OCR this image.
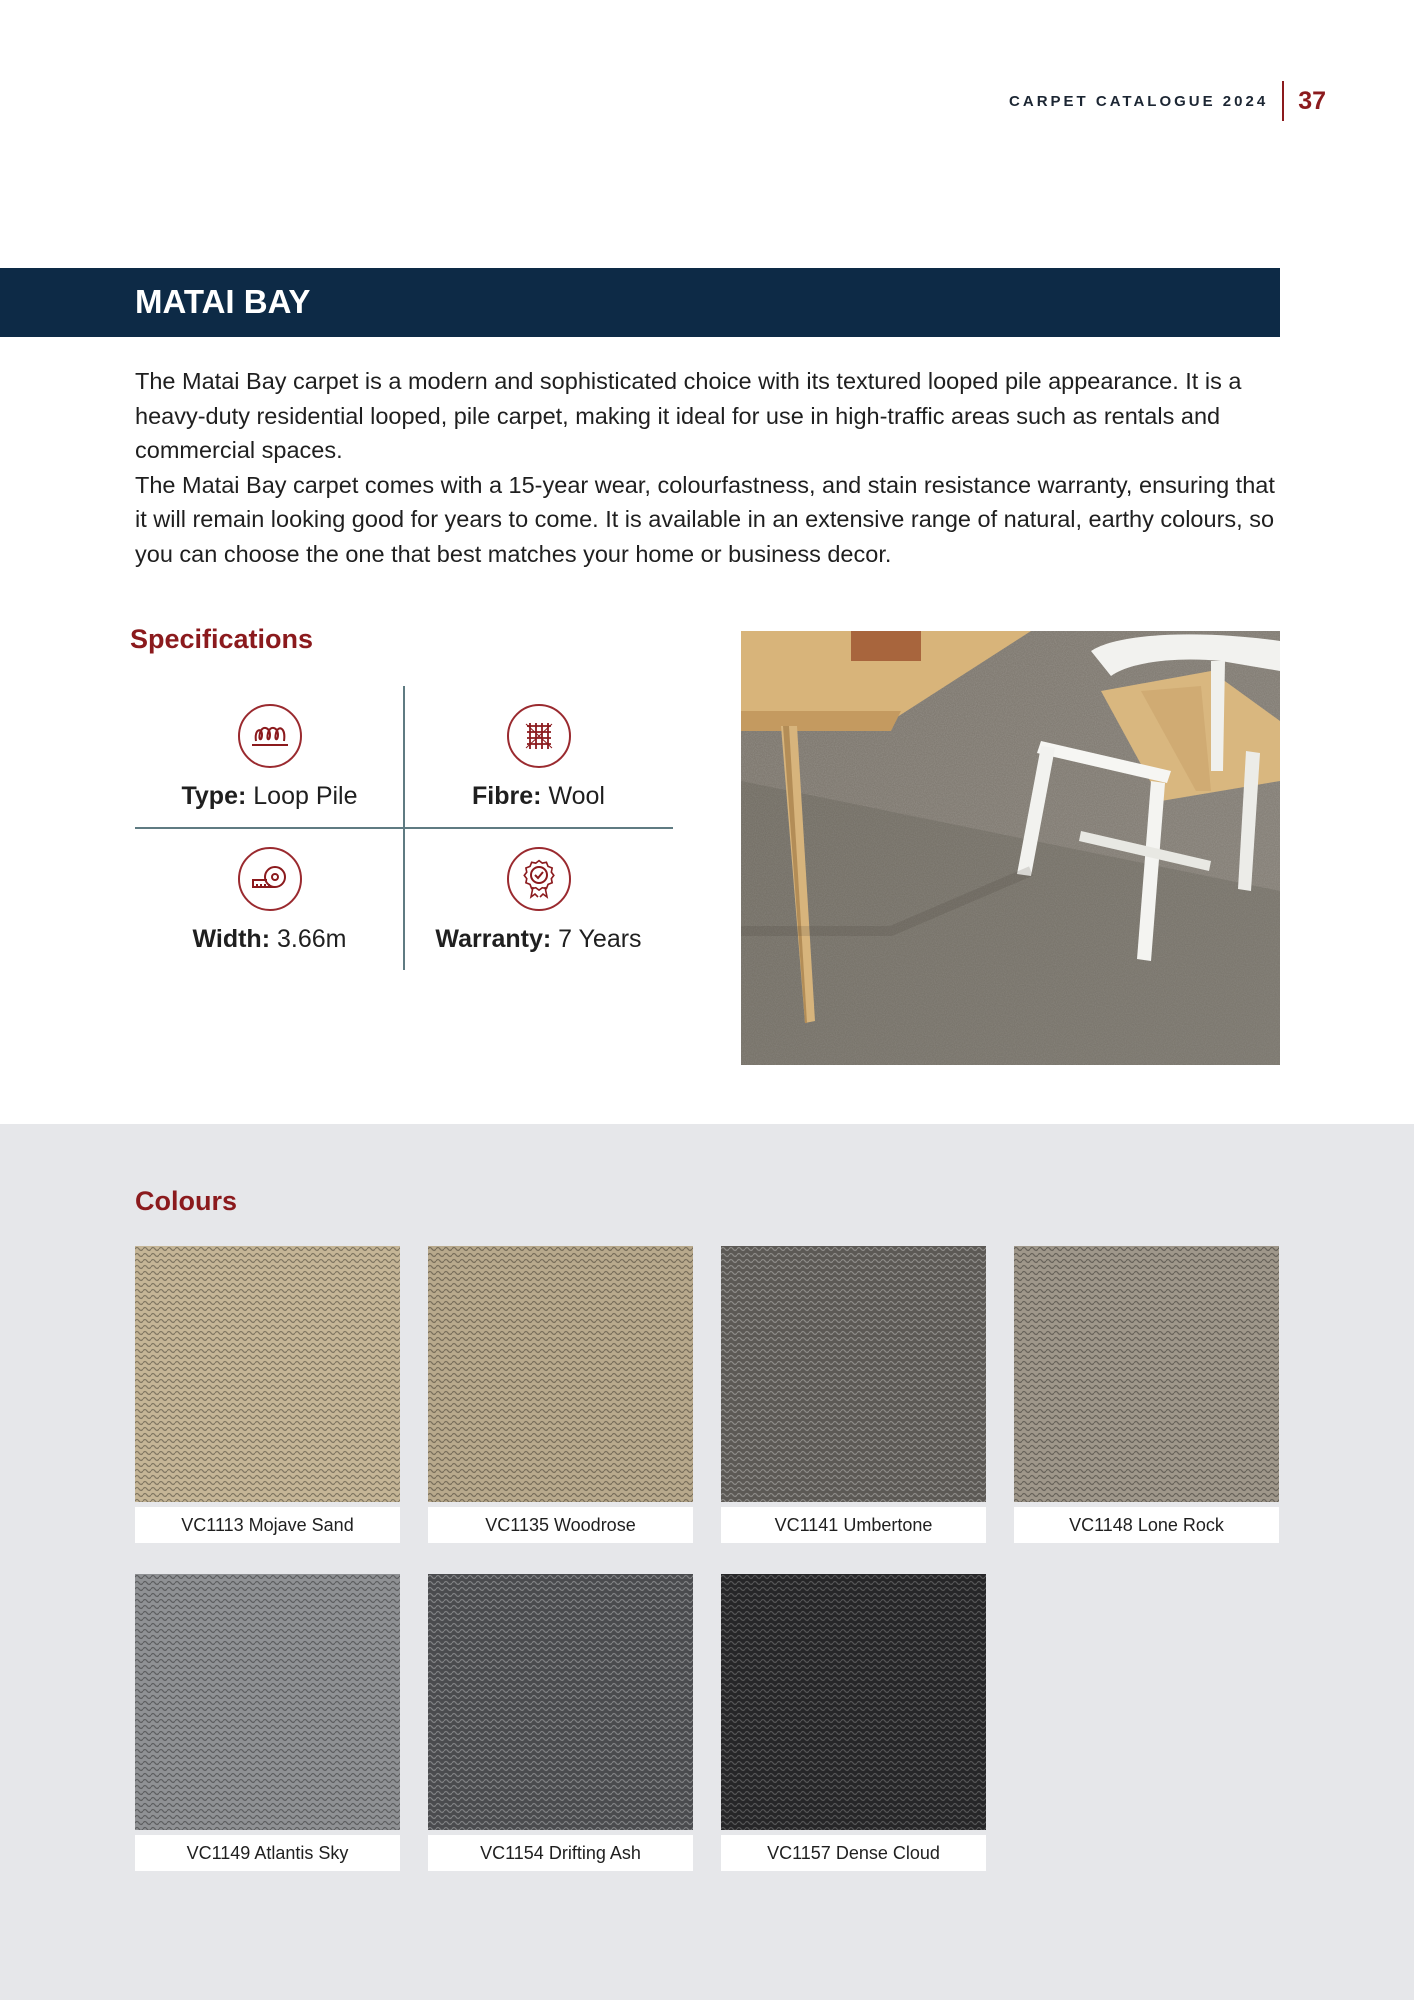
CARPET CATALOGUE 2024 37
MATAI BAY

The Matai Bay carpet is a modern and sophisticated choice with its textured looped pile appearance. It is a heavy-duty residential looped, pile carpet, making it ideal for use in high-traffic areas such as rentals and commercial spaces.

The Matai Bay carpet comes with a 15-year wear, colourfastness, and stain resistance warranty, ensuring that it will remain looking good for years to come. It is available in an extensive range of natural, earthy colours, so you can choose the one that best matches your home or business decor.

Specifications
Type: Loop Pile	Fibre: Wool
Width: 3.66m	Warranty: 7 Years
Colours
VC1113 Mojave Sand	VC1135 Woodrose	VC1141 Umbertone	VC1148 Lone Rock
VC1149 Atlantis Sky	VC1154 Drifting Ash	VC1157 Dense Cloud
